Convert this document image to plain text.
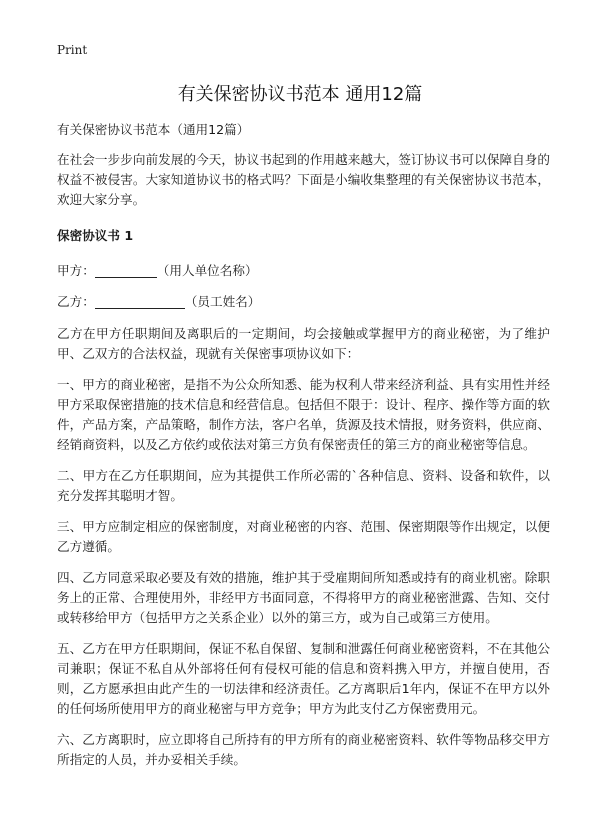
Print
有关保密协议书范本 通用12篇

有关保密协议书范本（通用12篇）

在社会一步步向前发展的今天，协议书起到的作用越来越大，签订协议书可以保障自身的权益不被侵害。大家知道协议书的格式吗？下面是小编收集整理的有关保密协议书范本，欢迎大家分享。

保密协议书 1

甲方：	（用人单位名称）

乙方：	（员工姓名）

乙方在甲方任职期间及离职后的一定期间，均会接触或掌握甲方的商业秘密，为了维护甲、乙双方的合法权益，现就有关保密事项协议如下：

一、甲方的商业秘密，是指不为公众所知悉、能为权利人带来经济利益、具有实用性并经甲方采取保密措施的技术信息和经营信息。包括但不限于：设计、程序、操作等方面的软件，产品方案，产品策略，制作方法，客户名单，货源及技术情报，财务资料，供应商、经销商资料，以及乙方依约或依法对第三方负有保密责任的第三方的商业秘密等信息。

二、甲方在乙方任职期间，应为其提供工作所必需的`各种信息、资料、设备和软件，以充分发挥其聪明才智。

三、甲方应制定相应的保密制度，对商业秘密的内容、范围、保密期限等作出规定，以便乙方遵循。

四、乙方同意采取必要及有效的措施，维护其于受雇期间所知悉或持有的商业机密。除职务上的正常、合理使用外，非经甲方书面同意，不得将甲方的商业秘密泄露、告知、交付或转移给甲方（包括甲方之关系企业）以外的第三方，或为自己或第三方使用。

五、乙方在甲方任职期间，保证不私自保留、复制和泄露任何商业秘密资料，不在其他公司兼职；保证不私自从外部将任何有侵权可能的信息和资料携入甲方，并擅自使用，否则，乙方愿承担由此产生的一切法律和经济责任。乙方离职后1年内，保证不在甲方以外的任何场所使用甲方的商业秘密与甲方竞争；甲方为此支付乙方保密费用元。

六、乙方离职时，应立即将自己所持有的甲方所有的商业秘密资料、软件等物品移交甲方所指定的人员，并办妥相关手续。
